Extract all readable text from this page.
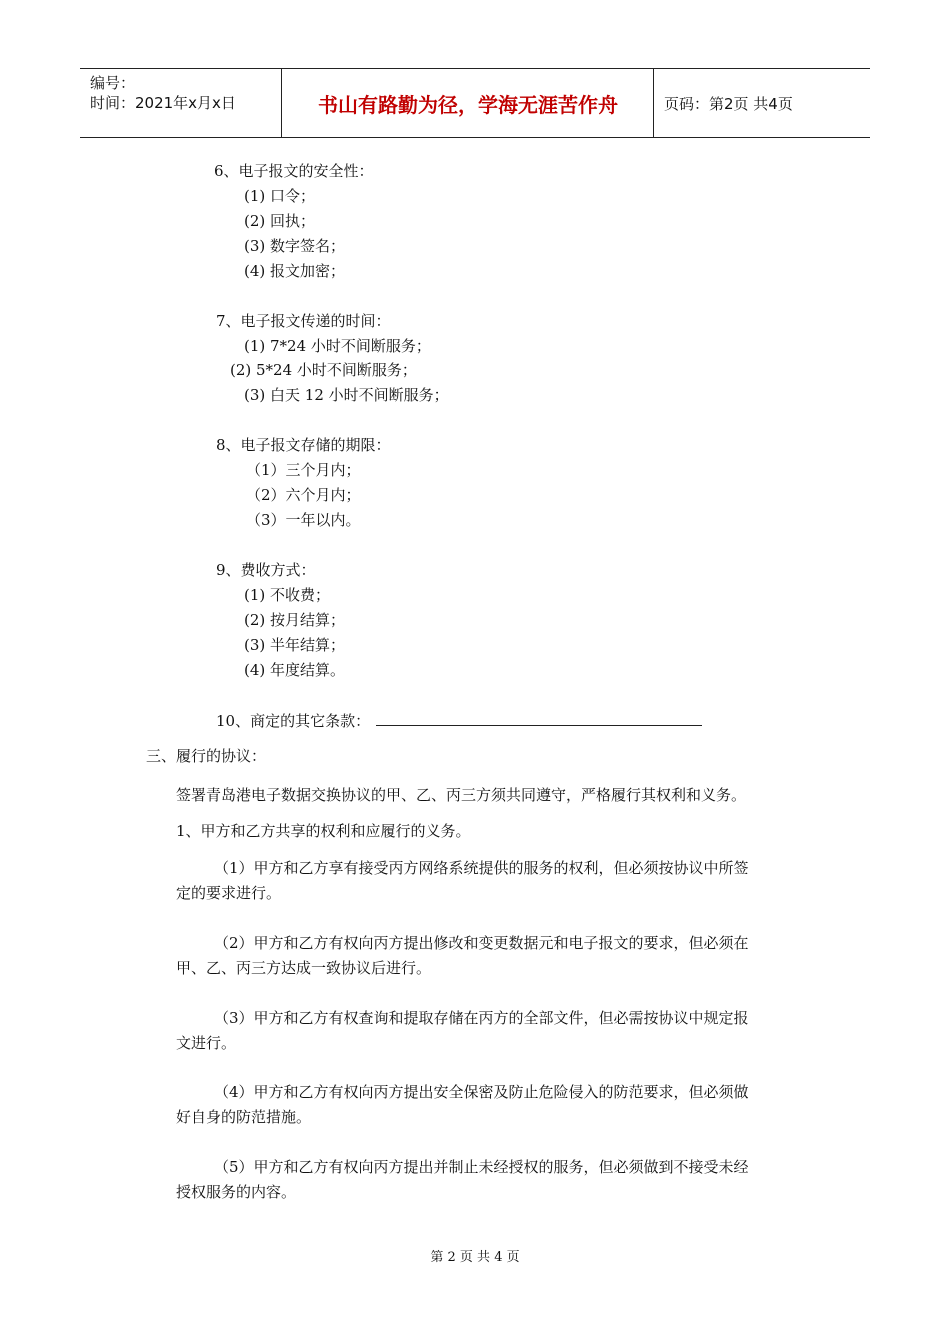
编号：
时间：2021年x月x日	书山有路勤为径，学海无涯苦作舟	页码：第2页 共4页
6、电子报文的安全性：
(1) 口令；
(2) 回执；
(3) 数字签名；
(4) 报文加密；
7、电子报文传递的时间：
(1) 7*24 小时不间断服务；
(2) 5*24 小时不间断服务；
(3) 白天 12 小时不间断服务；
8、电子报文存储的期限：
（1）三个月内；
（2）六个月内；
（3）一年以内。
9、费收方式：
(1) 不收费；
(2) 按月结算；
(3) 半年结算；
(4) 年度结算。
10、商定的其它条款：
三、履行的协议：
签署青岛港电子数据交换协议的甲、乙、丙三方须共同遵守，严格履行其权利和义务。
1、甲方和乙方共享的权利和应履行的义务。
（1）甲方和乙方享有接受丙方网络系统提供的服务的权利，但必须按协议中所签
定的要求进行。
（2）甲方和乙方有权向丙方提出修改和变更数据元和电子报文的要求，但必须在
甲、乙、丙三方达成一致协议后进行。
（3）甲方和乙方有权查询和提取存储在丙方的全部文件，但必需按协议中规定报
文进行。
（4）甲方和乙方有权向丙方提出安全保密及防止危险侵入的防范要求，但必须做
好自身的防范措施。
（5）甲方和乙方有权向丙方提出并制止未经授权的服务，但必须做到不接受未经
授权服务的内容。
第 2 页 共 4 页
